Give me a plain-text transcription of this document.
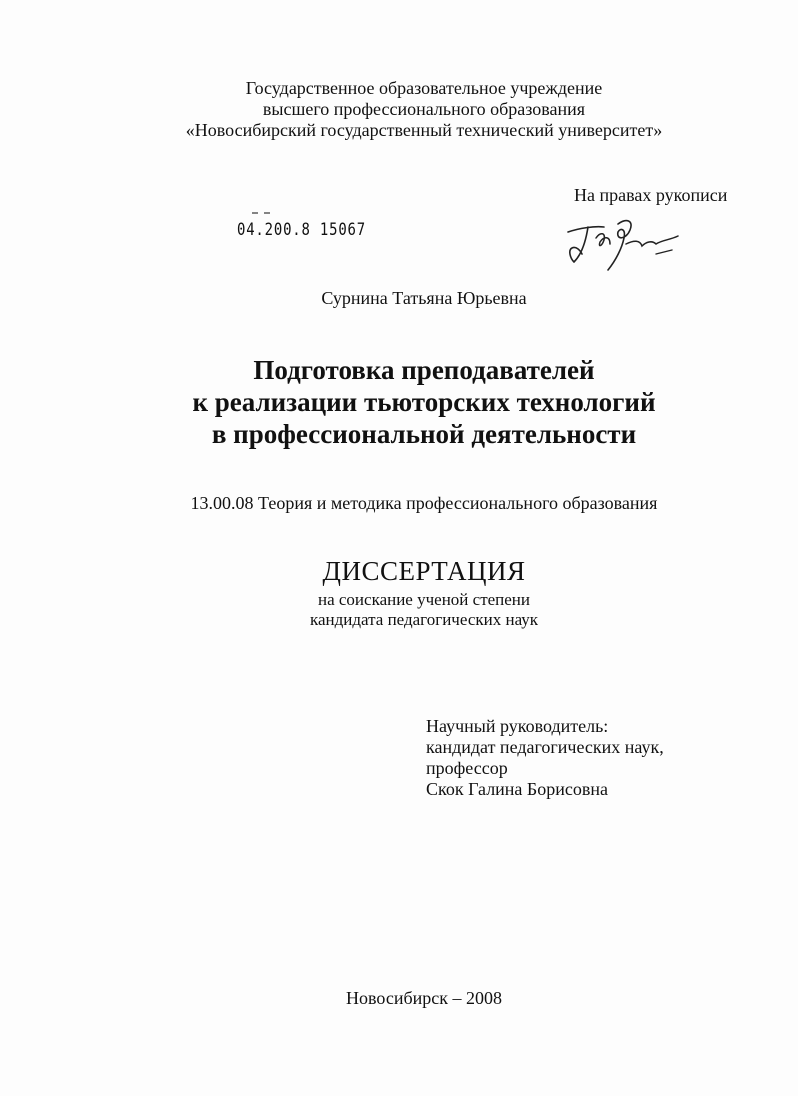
Государственное образовательное учреждение
высшего профессионального образования
«Новосибирский государственный технический университет»
На правах рукописи
04.200.8 15067
Сурнина Татьяна Юрьевна
Подготовка преподавателей
к реализации тьюторских технологий
в профессиональной деятельности
13.00.08 Теория и методика профессионального образования
ДИССЕРТАЦИЯ
на соискание ученой степени
кандидата педагогических наук
Научный руководитель:
кандидат педагогических наук,
профессор
Скок Галина Борисовна
Новосибирск – 2008
